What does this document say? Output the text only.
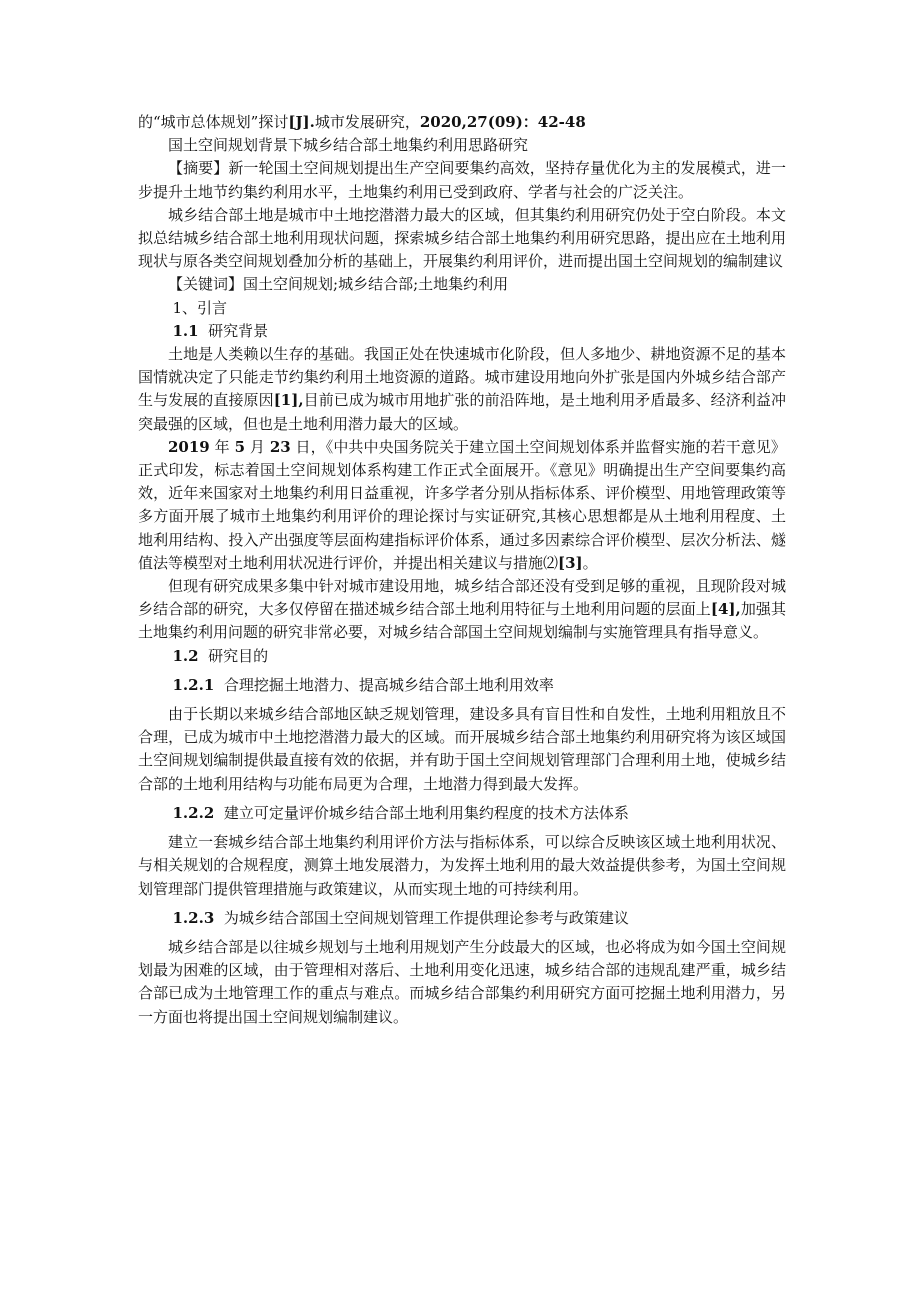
的“城市总体规划”探讨[J].城市发展研究，2020,27(09)：42-48

国土空间规划背景下城乡结合部土地集约利用思路研究

【摘要】新一轮国土空间规划提出生产空间要集约高效，坚持存量优化为主的发展模式，进一步提升土地节约集约利用水平，土地集约利用已受到政府、学者与社会的广泛关注。

城乡结合部土地是城市中土地挖潜潜力最大的区域，但其集约利用研究仍处于空白阶段。本文拟总结城乡结合部土地利用现状问题，探索城乡结合部土地集约利用研究思路，提出应在土地利用现状与原各类空间规划叠加分析的基础上，开展集约利用评价，进而提出国土空间规划的编制建议

【关键词】国土空间规划;城乡结合部;土地集约利用

1、引言

1.1 研究背景

土地是人类赖以生存的基础。我国正处在快速城市化阶段，但人多地少、耕地资源不足的基本国情就决定了只能走节约集约利用土地资源的道路。城市建设用地向外扩张是国内外城乡结合部产生与发展的直接原因[1],目前已成为城市用地扩张的前沿阵地，是土地利用矛盾最多、经济利益冲突最强的区域，但也是土地利用潜力最大的区域。

2019 年 5 月 23 日，《中共中央国务院关于建立国土空间规划体系并监督实施的若干意见》正式印发，标志着国土空间规划体系构建工作正式全面展开。《意见》明确提出生产空间要集约高效，近年来国家对土地集约利用日益重视，许多学者分别从指标体系、评价模型、用地管理政策等多方面开展了城市土地集约利用评价的理论探讨与实证研究,其核心思想都是从土地利用程度、土地利用结构、投入产出强度等层面构建指标评价体系，通过多因素综合评价模型、层次分析法、燧值法等模型对土地利用状况进行评价，并提出相关建议与措施⑵[3]。

但现有研究成果多集中针对城市建设用地，城乡结合部还没有受到足够的重视，且现阶段对城乡结合部的研究，大多仅停留在描述城乡结合部土地利用特征与土地利用问题的层面上[4],加强其土地集约利用问题的研究非常必要，对城乡结合部国土空间规划编制与实施管理具有指导意义。

1.2 研究目的

1.2.1 合理挖掘土地潜力、提高城乡结合部土地利用效率

由于长期以来城乡结合部地区缺乏规划管理，建设多具有盲目性和自发性，土地利用粗放且不合理，已成为城市中土地挖潜潜力最大的区域。而开展城乡结合部土地集约利用研究将为该区域国土空间规划编制提供最直接有效的依据，并有助于国土空间规划管理部门合理利用土地，使城乡结合部的土地利用结构与功能布局更为合理，土地潜力得到最大发挥。

1.2.2 建立可定量评价城乡结合部土地利用集约程度的技术方法体系

建立一套城乡结合部土地集约利用评价方法与指标体系，可以综合反映该区域土地利用状况、与相关规划的合规程度，测算土地发展潜力，为发挥土地利用的最大效益提供参考，为国土空间规划管理部门提供管理措施与政策建议，从而实现土地的可持续利用。

1.2.3 为城乡结合部国土空间规划管理工作提供理论参考与政策建议

城乡结合部是以往城乡规划与土地利用规划产生分歧最大的区域，也必将成为如今国土空间规划最为困难的区域，由于管理相对落后、土地利用变化迅速，城乡结合部的违规乱建严重，城乡结合部已成为土地管理工作的重点与难点。而城乡结合部集约利用研究方面可挖掘土地利用潜力，另一方面也将提出国土空间规划编制建议。
